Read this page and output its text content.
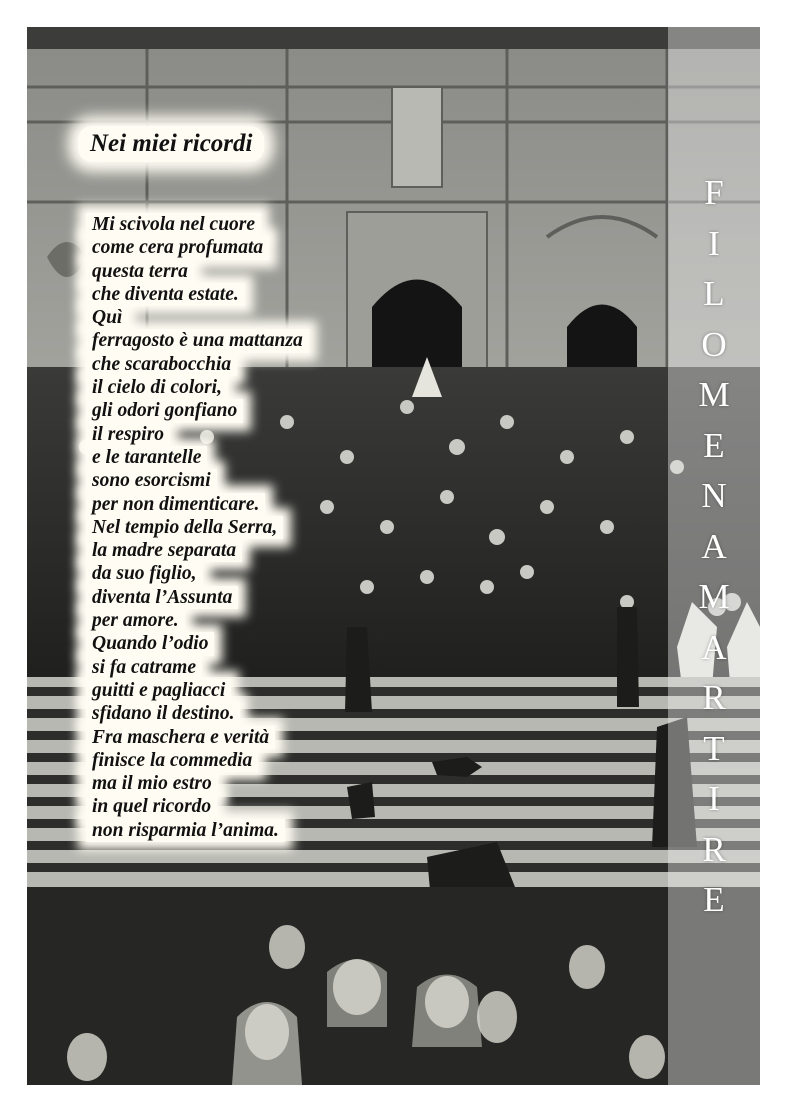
Nei miei ricordi
Mi scivola nel cuore
come cera profumata
questa terra
che diventa estate.
Quì
ferragosto è una mattanza
che scarabocchia
il cielo di colori,
gli odori gonfiano
il respiro
e le tarantelle
sono esorcismi
per non dimenticare.
Nel tempio della Serra,
la madre separata
da suo figlio,
diventa l’Assunta
per amore.
Quando l’odio
si fa catrame
guitti e pagliacci
sfidano il destino.
Fra maschera e verità
finisce la commedia
ma il mio estro
in quel ricordo
non risparmia l’anima.
F
I
L
O
M
E
N
A
M
A
R
T
I
R
E
